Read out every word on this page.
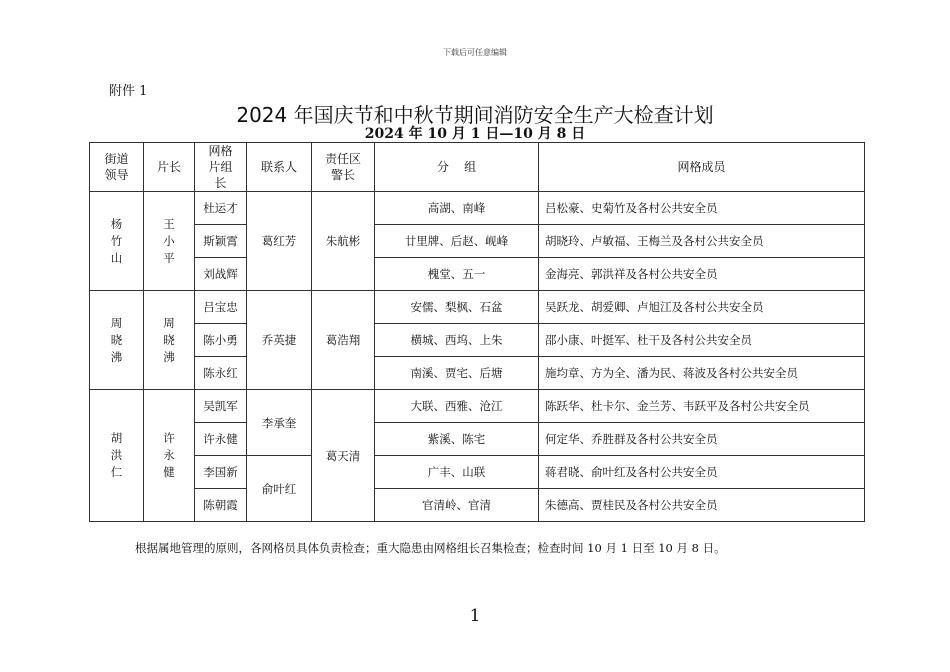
下载后可任意编辑
附件 1
2024 年国庆节和中秋节期间消防安全生产大检查计划
2024 年 10 月 1 日—10 月 8 日
街道领导	片长	网格片组 长	联系人	责任区警长	分    组	网格成员
杨竹山	王小平	杜运才	葛红芳	朱航彬	高湖、南峰	吕松豪、史菊竹及各村公共安全员
		斯颖霄			廿里牌、后赵、岘峰	胡晓玲、卢敏福、王梅兰及各村公共安全员
		刘战辉			槐堂、五一	金海亮、郭洪祥及各村公共安全员
周晓沸	周晓沸	吕宝忠	乔英捷	葛浩翔	安儒、梨枫、石盆	吴跃龙、胡爱卿、卢旭江及各村公共安全员
		陈小勇			横城、西坞、上朱	邵小康、叶挺军、杜干及各村公共安全员
		陈永红			南溪、贾宅、后塘	施均章、方为全、潘为民、蒋波及各村公共安全员
胡洪仁	许永健	吴凯军	李承奎	葛天清	大联、西雅、沧江	陈跃华、杜卡尔、金兰芳、韦跃平及各村公共安全员
		许永健			紫溪、陈宅	何定华、乔胜群及各村公共安全员
		李国新	俞叶红		广丰、山联	蒋君晓、俞叶红及各村公共安全员
		陈朝霞			官清岭、官清	朱德高、贾桂民及各村公共安全员
根据属地管理的原则，各网格员具体负责检查；重大隐患由网格组长召集检查；检查时间 10 月 1 日至 10 月 8 日。
1
